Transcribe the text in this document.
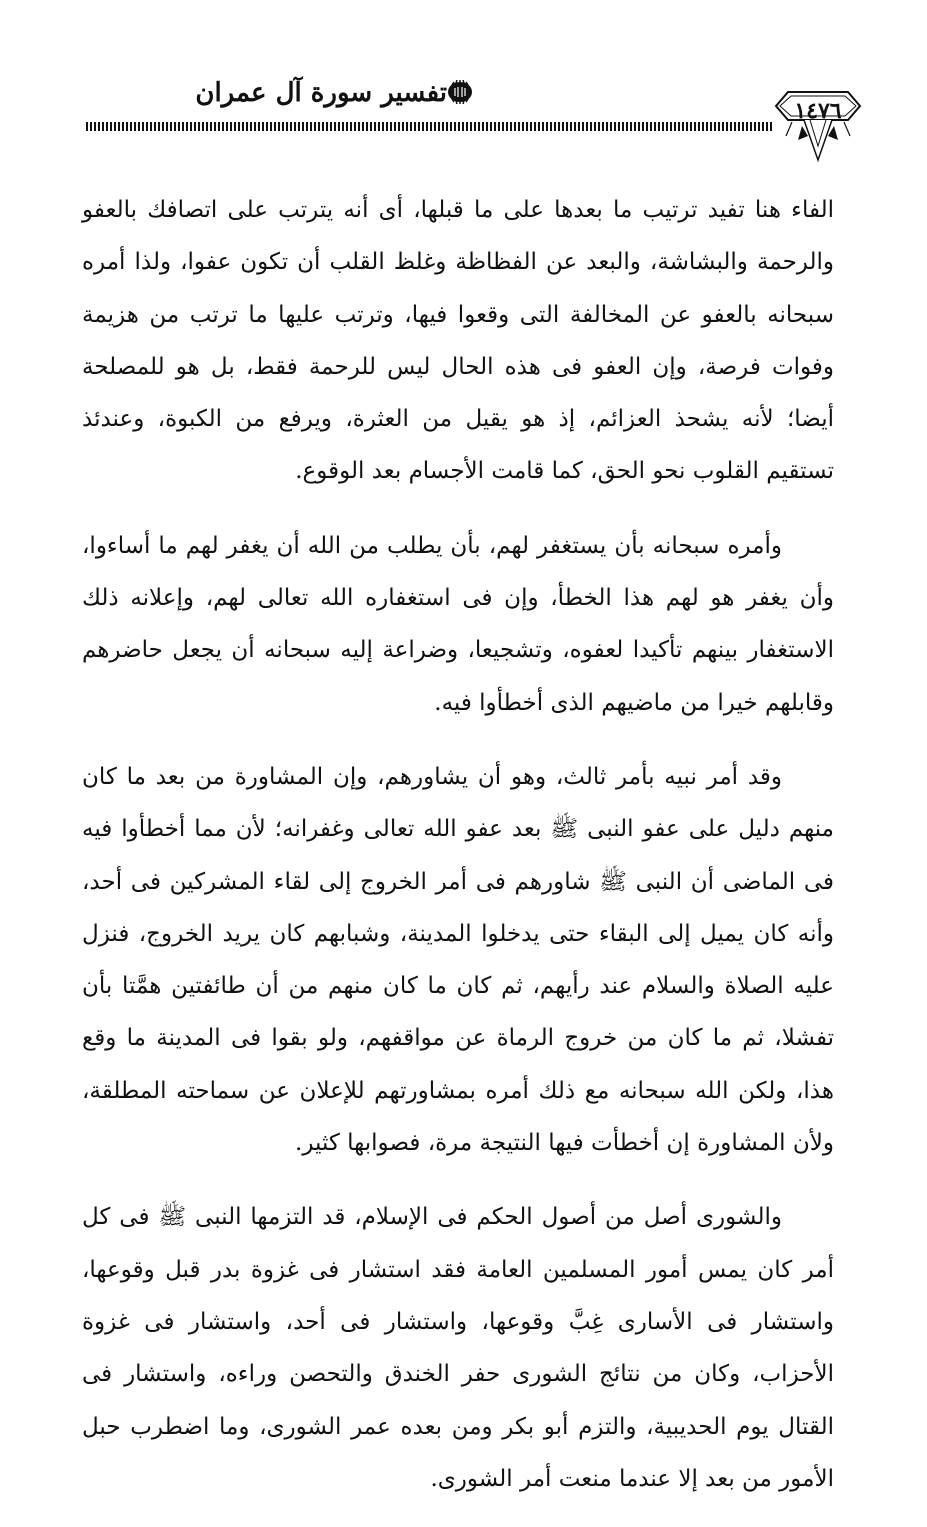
تفسير سورة آل عمران
١٤٧٦

الفاء هنا تفيد ترتيب ما بعدها على ما قبلها، أى أنه يترتب على اتصافك بالعفو والرحمة والبشاشة، والبعد عن الفظاظة وغلظ القلب أن تكون عفوا، ولذا أمره سبحانه بالعفو عن المخالفة التى وقعوا فيها، وترتب عليها ما ترتب من هزيمة وفوات فرصة، وإن العفو فى هذه الحال ليس للرحمة فقط، بل هو للمصلحة أيضا؛ لأنه يشحذ العزائم، إذ هو يقيل من العثرة، ويرفع من الكبوة، وعندئذ تستقيم القلوب نحو الحق، كما قامت الأجسام بعد الوقوع.

وأمره سبحانه بأن يستغفر لهم، بأن يطلب من الله أن يغفر لهم ما أساءوا، وأن يغفر هو لهم هذا الخطأ، وإن فى استغفاره الله تعالى لهم، وإعلانه ذلك الاستغفار بينهم تأكيدا لعفوه، وتشجيعا، وضراعة إليه سبحانه أن يجعل حاضرهم وقابلهم خيرا من ماضيهم الذى أخطأوا فيه.

وقد أمر نبيه بأمر ثالث، وهو أن يشاورهم، وإن المشاورة من بعد ما كان منهم دليل على عفو النبى ﷺ بعد عفو الله تعالى وغفرانه؛ لأن مما أخطأوا فيه فى الماضى أن النبى ﷺ شاورهم فى أمر الخروج إلى لقاء المشركين فى أحد، وأنه كان يميل إلى البقاء حتى يدخلوا المدينة، وشبابهم كان يريد الخروج، فنزل عليه الصلاة والسلام عند رأيهم، ثم كان ما كان منهم من أن طائفتين همَّتا بأن تفشلا، ثم ما كان من خروج الرماة عن مواقفهم، ولو بقوا فى المدينة ما وقع هذا، ولكن الله سبحانه مع ذلك أمره بمشاورتهم للإعلان عن سماحته المطلقة، ولأن المشاورة إن أخطأت فيها النتيجة مرة، فصوابها كثير.

والشورى أصل من أصول الحكم فى الإسلام، قد التزمها النبى ﷺ فى كل أمر كان يمس أمور المسلمين العامة فقد استشار فى غزوة بدر قبل وقوعها، واستشار فى الأسارى غِبَّ وقوعها، واستشار فى أحد، واستشار فى غزوة الأحزاب، وكان من نتائج الشورى حفر الخندق والتحصن وراءه، واستشار فى القتال يوم الحديبية، والتزم أبو بكر ومن بعده عمر الشورى، وما اضطرب حبل الأمور من بعد إلا عندما منعت أمر الشورى.
